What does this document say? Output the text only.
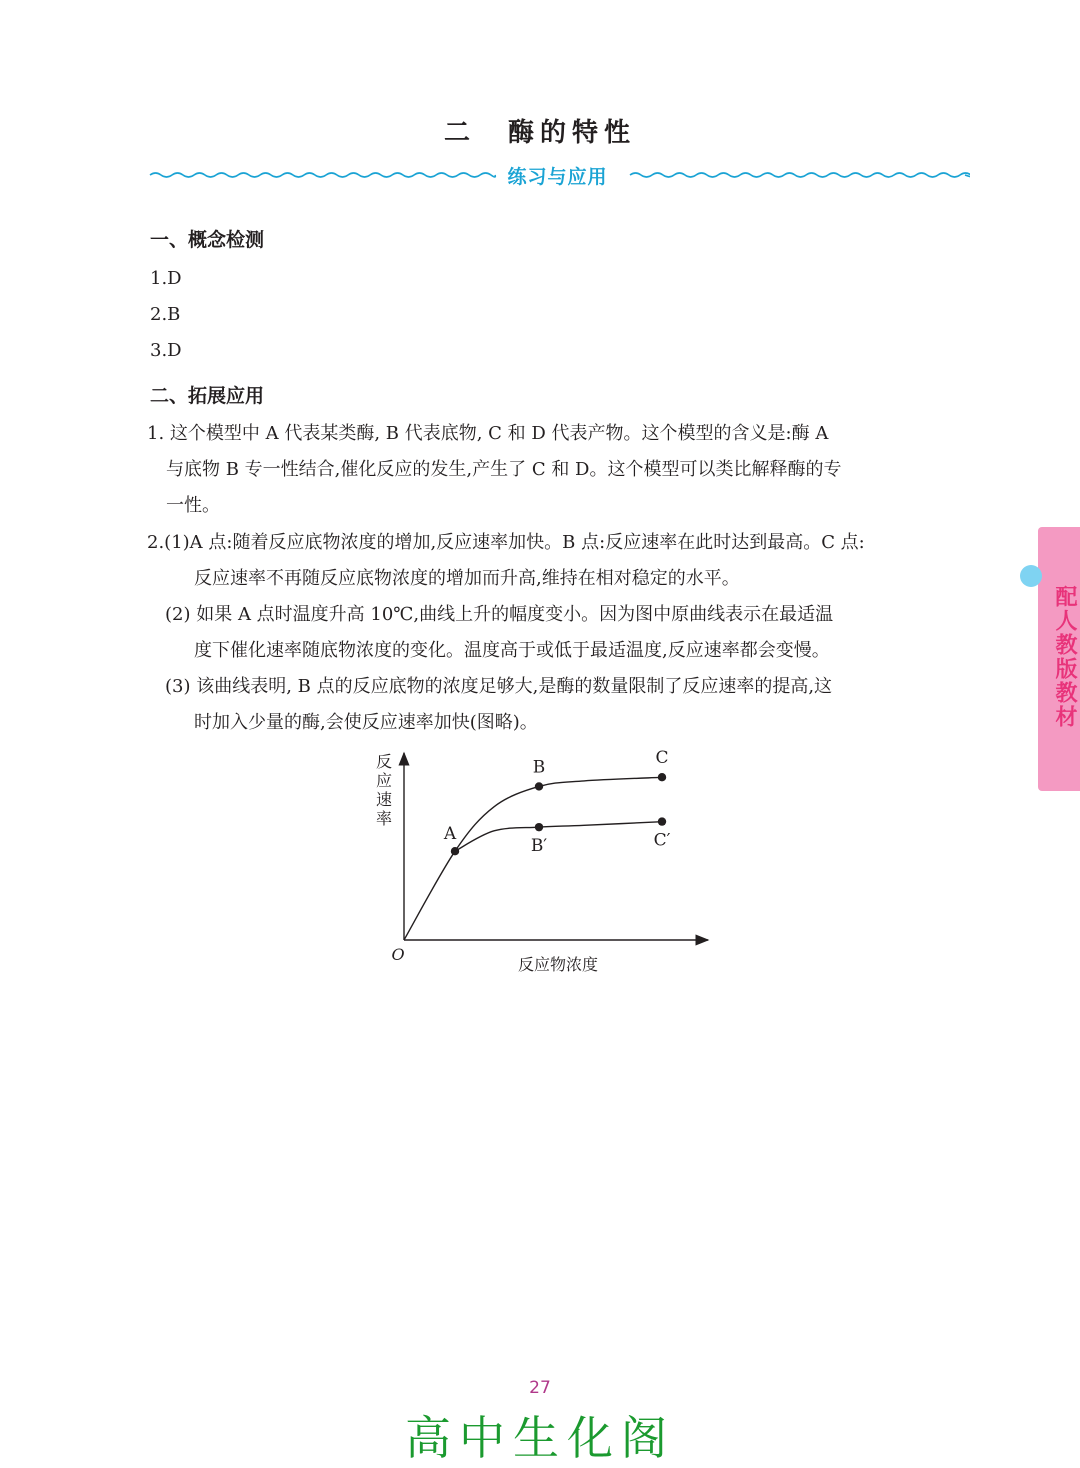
二　酶的特性
练习与应用
一、概念检测
1.D
2.B
3.D
二、拓展应用
1. 这个模型中 A 代表某类酶, B 代表底物, C 和 D 代表产物。这个模型的含义是:酶 A
与底物 B 专一性结合,催化反应的发生,产生了 C 和 D。这个模型可以类比解释酶的专
一性。
2.(1)A 点:随着反应底物浓度的增加,反应速率加快。B 点:反应速率在此时达到最高。C 点:
反应速率不再随反应底物浓度的增加而升高,维持在相对稳定的水平。
(2) 如果 A 点时温度升高 10℃,曲线上升的幅度变小。因为图中原曲线表示在最适温
度下催化速率随底物浓度的变化。温度高于或低于最适温度,反应速率都会变慢。
(3) 该曲线表明, B 点的反应底物的浓度足够大,是酶的数量限制了反应速率的提高,这
时加入少量的酶,会使反应速率加快(图略)。	配人教版教材
反
应
速
率
反应物浓度
O
A
B	C
B′	C′
27
高中生化阁
